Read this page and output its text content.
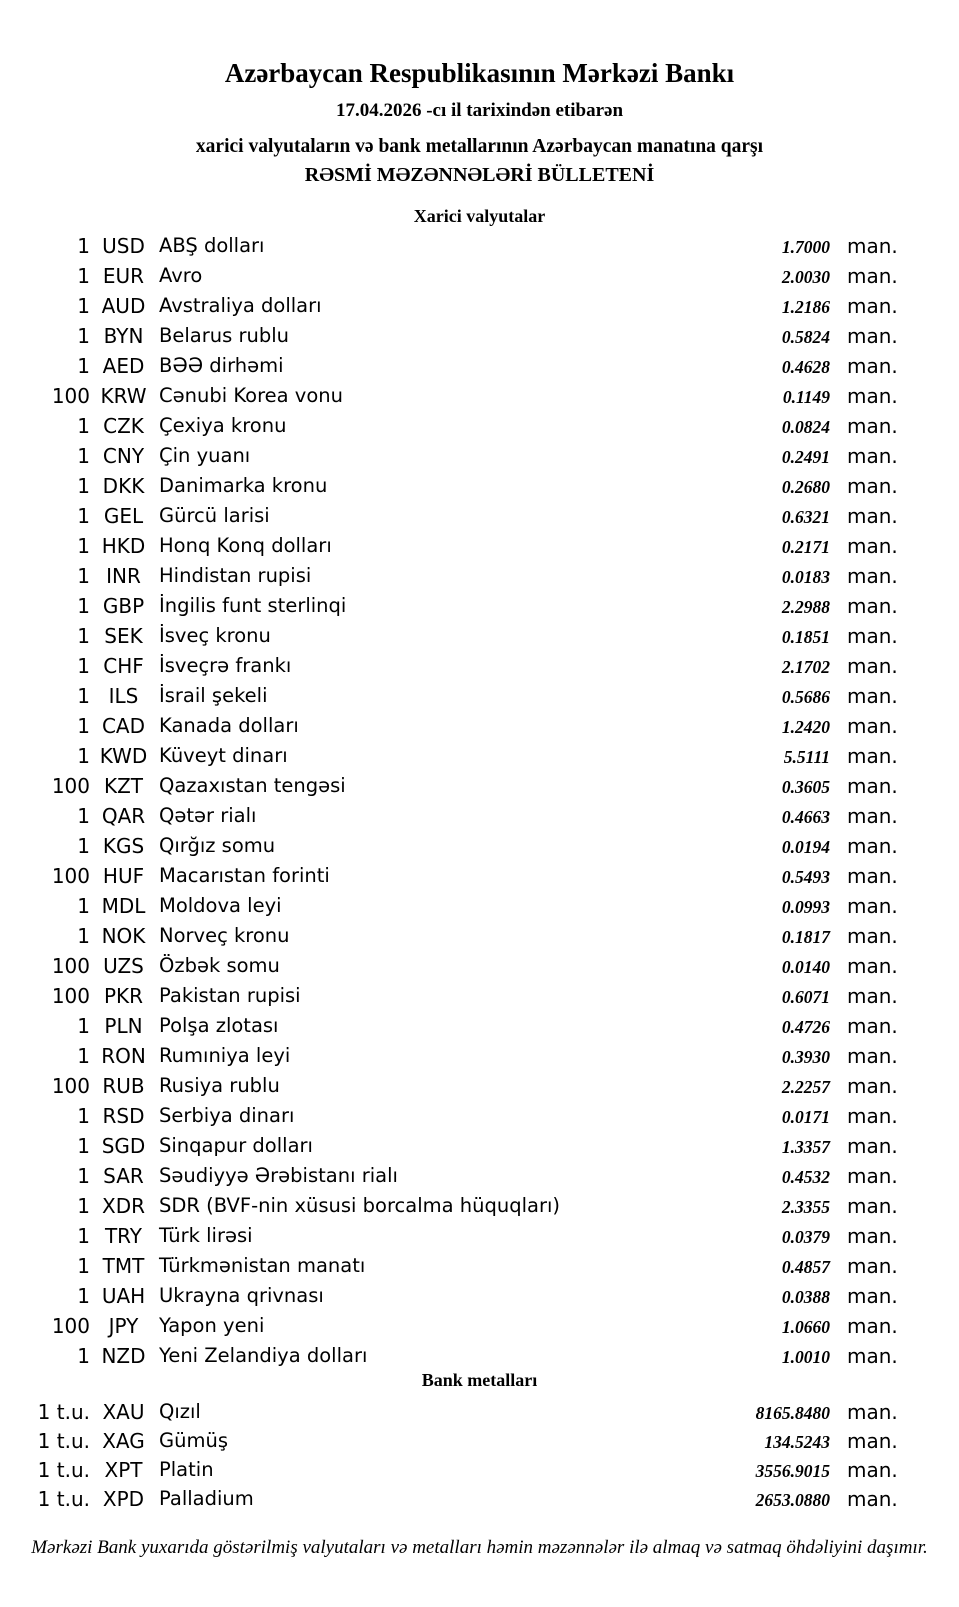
Azərbaycan Respublikasının Mərkəzi Bankı
17.04.2026 -cı il tarixindən etibarən
xarici valyutaların və bank metallarının Azərbaycan manatına qarşı
RƏSMİ MƏZƏNNƏLƏRİ BÜLLETENİ
Xarici valyutalar
1 USD ABŞ dolları	1.7000 man.
1 EUR Avro	2.0030 man.
1 AUD Avstraliya dolları	1.2186 man.
1 BYN Belarus rublu	0.5824 man.
1 AED BƏƏ dirhəmi	0.4628 man.
100 KRW Cənubi Korea vonu	0.1149 man.
1 CZK Çexiya kronu	0.0824 man.
1 CNY Çin yuanı	0.2491 man.
1 DKK Danimarka kronu	0.2680 man.
1 GEL Gürcü larisi	0.6321 man.
1 HKD Honq Konq dolları	0.2171 man.
1 INR Hindistan rupisi	0.0183 man.
1 GBP İngilis funt sterlinqi	2.2988 man.
1 SEK İsveç kronu	0.1851 man.
1 CHF İsveçrə frankı	2.1702 man.
1 ILS	İsrail şekeli	0.5686 man.
1 CAD Kanada dolları	1.2420 man.
1 KWD Küveyt dinarı	5.5111 man.
100 KZT Qazaxıstan tengəsi	0.3605 man.
1 QAR Qətər rialı	0.4663 man.
1 KGS Qırğız somu	0.0194 man.
100 HUF Macarıstan forinti	0.5493 man.
1 MDL Moldova leyi	0.0993 man.
1 NOK Norveç kronu	0.1817 man.
100 UZS Özbək somu	0.0140 man.
100 PKR Pakistan rupisi	0.6071 man.
1 PLN Polşa zlotası	0.4726 man.
1 RON Rumıniya leyi	0.3930 man.
100 RUB Rusiya rublu	2.2257 man.
1 RSD Serbiya dinarı	0.0171 man.
1 SGD Sinqapur dolları	1.3357 man.
1 SAR Səudiyyə Ərəbistanı rialı	0.4532 man.
1 XDR SDR (BVF-nin xüsusi borcalma hüquqları)	2.3355 man.
1 TRY Türk lirəsi	0.0379 man.
1 TMT Türkmənistan manatı	0.4857 man.
1 UAH Ukrayna qrivnası	0.0388 man.
100 JPY	Yapon yeni	1.0660 man.
1 NZD Yeni Zelandiya dolları	1.0010 man.
Bank metalları
1 t.u. XAU Qızıl	8165.8480 man.
1 t.u. XAG Gümüş	134.5243 man.
1 t.u. XPT Platin	3556.9015 man.
1 t.u. XPD Palladium	2653.0880 man.
Mərkəzi Bank yuxarıda göstərilmiş valyutaları və metalları həmin məzənnələr ilə almaq və satmaq öhdəliyini daşımır.
